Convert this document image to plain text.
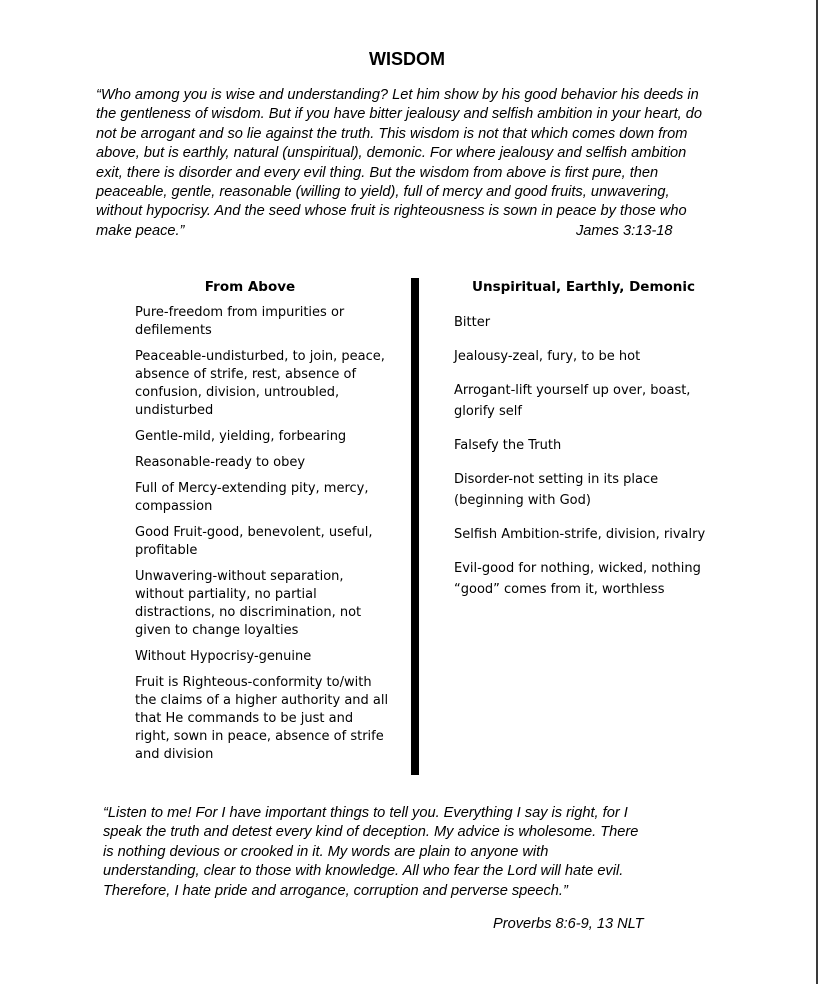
WISDOM
“Who among you is wise and understanding? Let him show by his good behavior his deeds in
the gentleness of wisdom. But if you have bitter jealousy and selfish ambition in your heart, do
not be arrogant and so lie against the truth. This wisdom is not that which comes down from
above, but is earthly, natural (unspiritual), demonic. For where jealousy and selfish ambition
exit, there is disorder and every evil thing. But the wisdom from above is first pure, then
peaceable, gentle, reasonable (willing to yield), full of mercy and good fruits, unwavering,
without hypocrisy. And the seed whose fruit is righteousness is sown in peace by those who
make peace.”	James 3:13-18
From Above	Unspiritual, Earthly, Demonic
Pure-freedom from impurities or
defilements
Peaceable-undisturbed, to join, peace,
absence of strife, rest, absence of
confusion, division, untroubled,
undisturbed
Gentle-mild, yielding, forbearing
Reasonable-ready to obey
Full of Mercy-extending pity, mercy,
compassion
Good Fruit-good, benevolent, useful,
profitable
Unwavering-without separation,
without partiality, no partial
distractions, no discrimination, not
given to change loyalties
Without Hypocrisy-genuine
Fruit is Righteous-conformity to/with
the claims of a higher authority and all
that He commands to be just and
right, sown in peace, absence of strife
and division
Bitter
Jealousy-zeal, fury, to be hot
Arrogant-lift yourself up over, boast,
glorify self
Falsefy the Truth
Disorder-not setting in its place
(beginning with God)
Selfish Ambition-strife, division, rivalry
Evil-good for nothing, wicked, nothing
“good” comes from it, worthless
“Listen to me! For I have important things to tell you. Everything I say is right, for I
speak the truth and detest every kind of deception. My advice is wholesome. There
is nothing devious or crooked in it. My words are plain to anyone with
understanding, clear to those with knowledge. All who fear the Lord will hate evil.
Therefore, I hate pride and arrogance, corruption and perverse speech.”
Proverbs 8:6-9, 13 NLT
